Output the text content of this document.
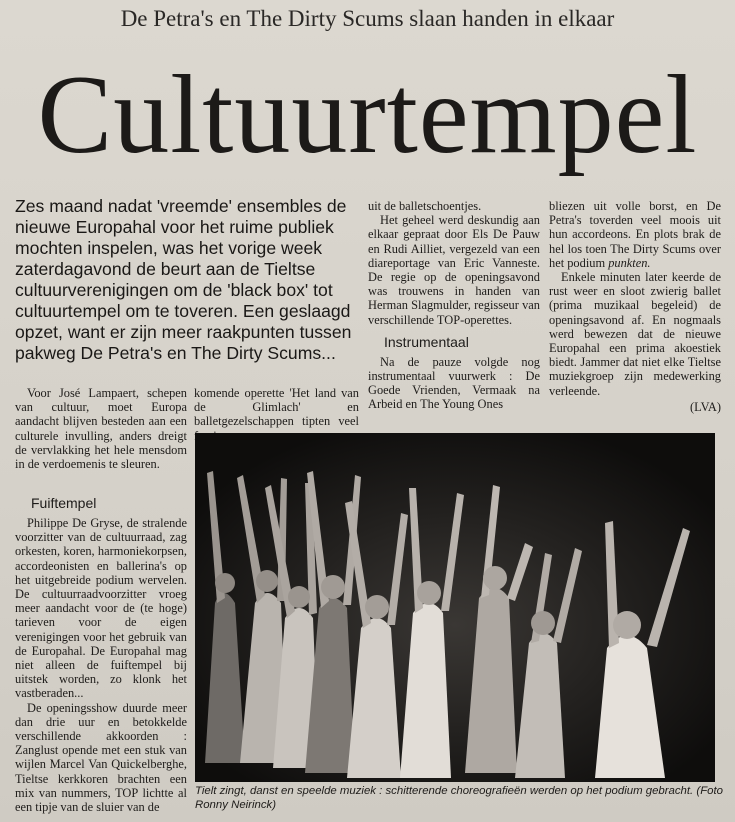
De Petra's en The Dirty Scums slaan handen in elkaar
Cultuurtempel
Zes maand nadat 'vreemde' ensembles de nieuwe Europahal voor het ruime publiek mochten inspelen, was het vorige week zaterdagavond de beurt aan de Tieltse cultuurverenigingen om de 'black box' tot cultuurtempel om te toveren. Een geslaagd opzet, want er zijn meer raakpunten tussen pakweg De Petra's en The Dirty Scums...

Voor José Lampaert, schepen van cultuur, moet Europa aandacht blijven besteden aan een culturele invulling, anders dreigt de vervlakking het hele mensdom in de verdoemenis te sleuren.

Fuiftempel

Philippe De Gryse, de stralende voorzitter van de cultuurraad, zag orkesten, koren, harmoniekorpsen, accordeonisten en ballerina's op het uitgebreide podium wervelen. De cultuurraadvoorzitter vroeg meer aandacht voor de (te hoge) tarieven voor de eigen verenigingen voor het gebruik van de Europahal. De Europahal mag niet alleen de fuiftempel bij uitstek worden, zo klonk het vastberaden...

De openingsshow duurde meer dan drie uur en betokkelde verschillende akkoorden : Zanglust opende met een stuk van wijlen Marcel Van Quickelberghe, Tieltse kerkkoren brachten een mix van nummers, TOP lichtte al een tipje van de sluier van de

komende operette 'Het land van de Glimlach' en balletgezelschappen tipten veel

uit de balletschoentjes.

Het geheel werd deskundig aan elkaar gepraat door Els De Pauw en Rudi Ailliet, vergezeld van een diareportage van Eric Vanneste. De regie op de openingsavond was trouwens in handen van Herman Slagmulder, regisseur van verschillende TOP-operettes.

Instrumentaal

Na de pauze volgde nog instrumentaal vuurwerk : De Goede Vrienden, Vermaak na Arbeid en The Young Ones

bliezen uit volle borst, en De Petra's toverden veel moois uit hun accordeons. En plots brak de hel los toen The Dirty Scums over het podium punkten.

Enkele minuten later keerde de rust weer en sloot zwierig ballet (prima muzikaal begeleid) de openingsavond af. En nogmaals werd bewezen dat de nieuwe Europahal een prima akoestiek biedt. Jammer dat niet elke Tieltse muziekgroep zijn medewerking verleende.

(LVA)
Tielt zingt, danst en speelde muziek : schitterende choreografieën werden op het podium gebracht. (Foto Ronny Neirinck)
